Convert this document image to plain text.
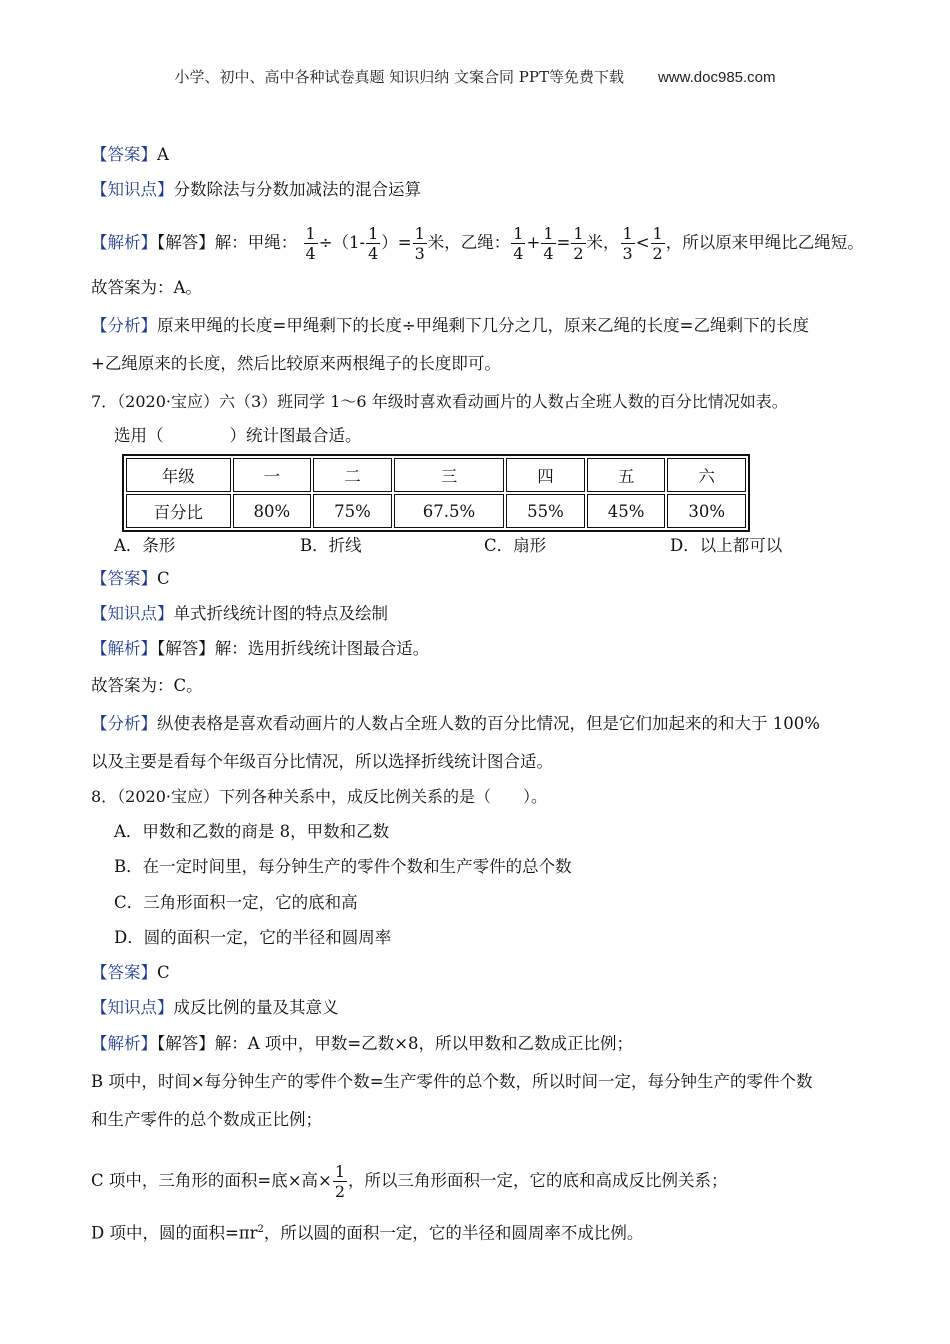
小学、初中、高中各种试卷真题 知识归纳 文案合同 PPT等免费下载 www.doc985.com
【答案】A
【知识点】分数除法与分数加减法的混合运算
【解析】【解答】解：甲绳： $\frac{1}{4} \div(1- \frac{1}{4}$ ）= $\frac{1}{3}$ 米，乙绳： $\frac{1}{4} + \frac{1}{4} = \frac{1}{2}$ 米， $\frac{1}{3} < \frac{1}{2}$ ，所以原来甲绳比乙绳短。
故答案为：A。
【分析】原来甲绳的长度=甲绳剩下的长度÷甲绳剩下几分之几，原来乙绳的长度=乙绳剩下的长度
+乙绳原来的长度，然后比较原来两根绳子的长度即可。
7．（2020·宝应）六（3）班同学 1～6 年级时喜欢看动画片的人数占全班人数的百分比情况如表。
选用（　　　　）统计图最合适。
年级	一	二	三	四	五	六
百分比	80%	75%	67.5%	55%	45%	30%
A．条形	B．折线	C．扇形	D．以上都可以
【答案】C
【知识点】单式折线统计图的特点及绘制
【解析】【解答】解：选用折线统计图最合适。
故答案为：C。
【分析】纵使表格是喜欢看动画片的人数占全班人数的百分比情况，但是它们加起来的和大于 100%
以及主要是看每个年级百分比情况，所以选择折线统计图合适。
8．（2020·宝应）下列各种关系中，成反比例关系的是（　　）。
A．甲数和乙数的商是 8，甲数和乙数
B．在一定时间里，每分钟生产的零件个数和生产零件的总个数
C．三角形面积一定，它的底和高
D．圆的面积一定，它的半径和圆周率
【答案】C
【知识点】成反比例的量及其意义
【解析】【解答】解：A 项中，甲数=乙数×8，所以甲数和乙数成正比例；
B 项中，时间×每分钟生产的零件个数=生产零件的总个数，所以时间一定，每分钟生产的零件个数
和生产零件的总个数成正比例；
C 项中，三角形的面积=底×高× $\frac{1}{2}$ ，所以三角形面积一定，它的底和高成反比例关系；
D 项中，圆的面积$=\pi r^2$，所以圆的面积一定，它的半径和圆周率不成比例。
